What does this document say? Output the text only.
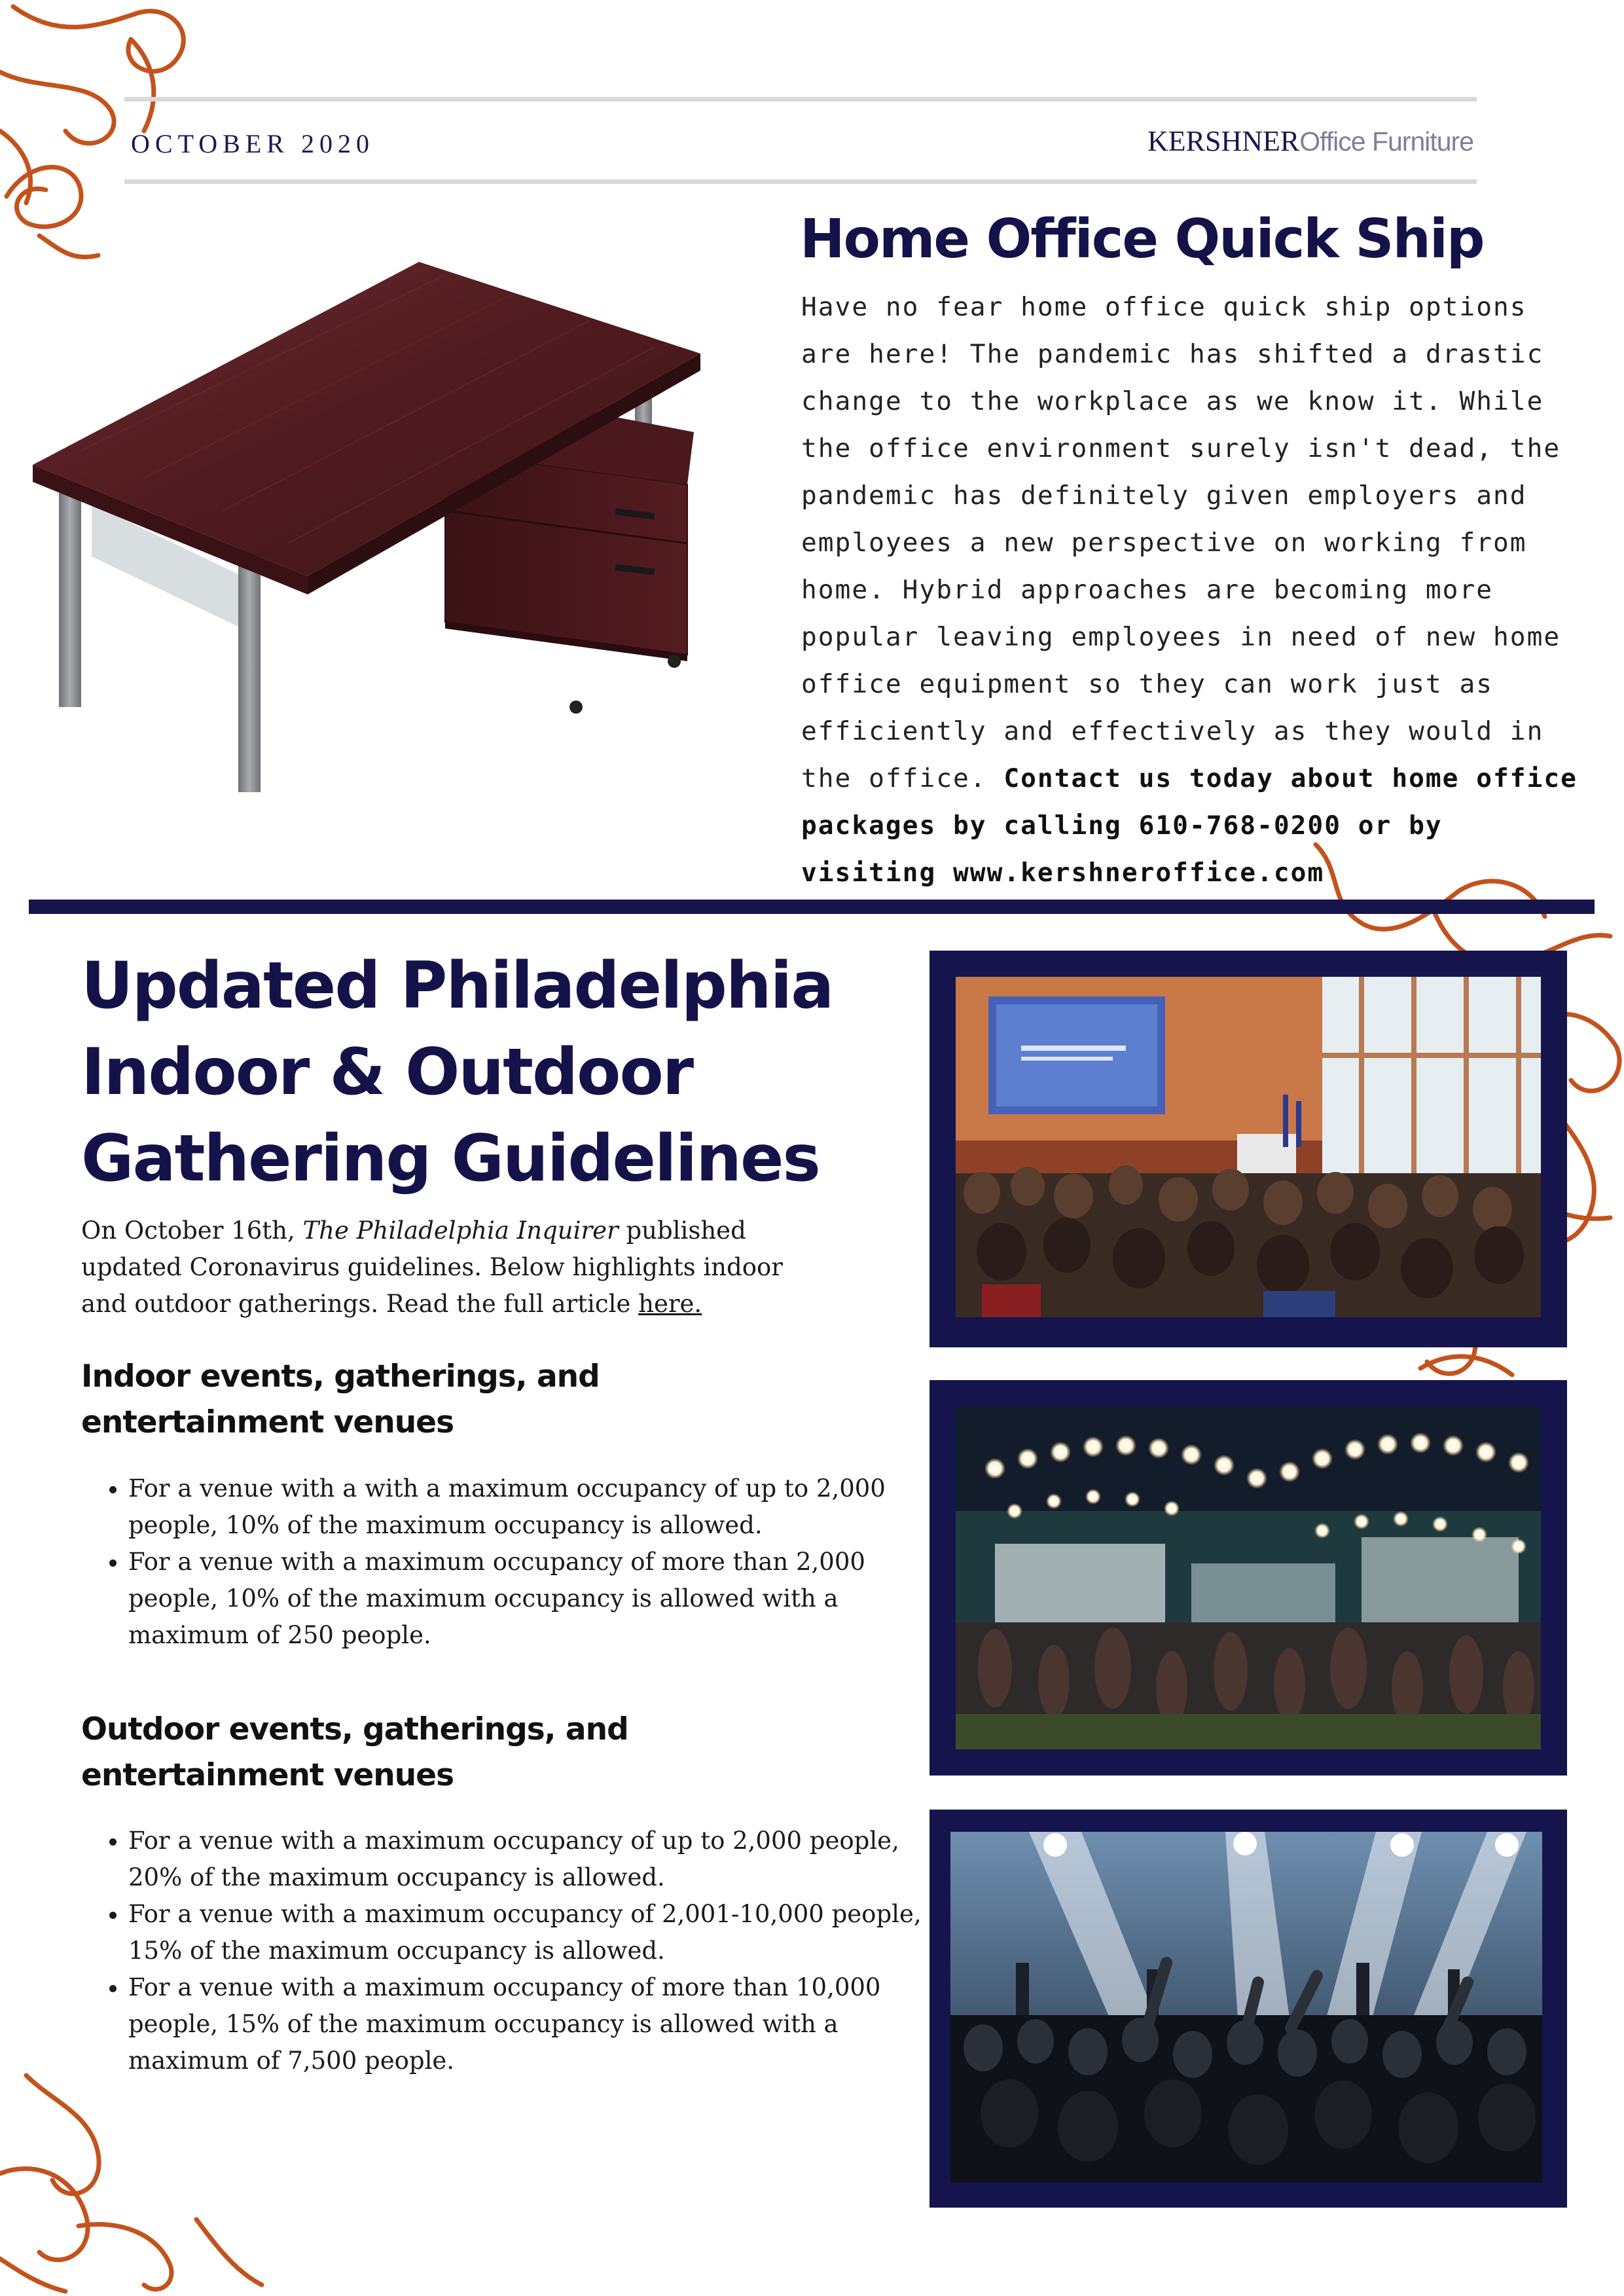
OCTOBER 2020	KERSHNEROffice Furniture
Home Office Quick Ship
Have no fear home office quick ship options are here! The pandemic has shifted a drastic change to the workplace as we know it. While the office environment surely isn't dead, the pandemic has definitely given employers and employees a new perspective on working from home. Hybrid approaches are becoming more popular leaving employees in need of new home office equipment so they can work just as efficiently and effectively as they would in the office. Contact us today about home office packages by calling 610-768-0200 or by visiting www.kershneroffice.com
Updated Philadelphia Indoor & Outdoor Gathering Guidelines
On October 16th, The Philadelphia Inquirer published updated Coronavirus guidelines. Below highlights indoor and outdoor gatherings. Read the full article here.
Indoor events, gatherings, and
entertainment venues
• For a venue with a with a maximum occupancy of up to 2,000 people, 10% of the maximum occupancy is allowed.
• For a venue with a maximum occupancy of more than 2,000 people, 10% of the maximum occupancy is allowed with a maximum of 250 people.
Outdoor events, gatherings, and
entertainment venues
• For a venue with a maximum occupancy of up to 2,000 people, 20% of the maximum occupancy is allowed.
• For a venue with a maximum occupancy of 2,001-10,000 people, 15% of the maximum occupancy is allowed.
• For a venue with a maximum occupancy of more than 10,000 people, 15% of the maximum occupancy is allowed with a maximum of 7,500 people.
